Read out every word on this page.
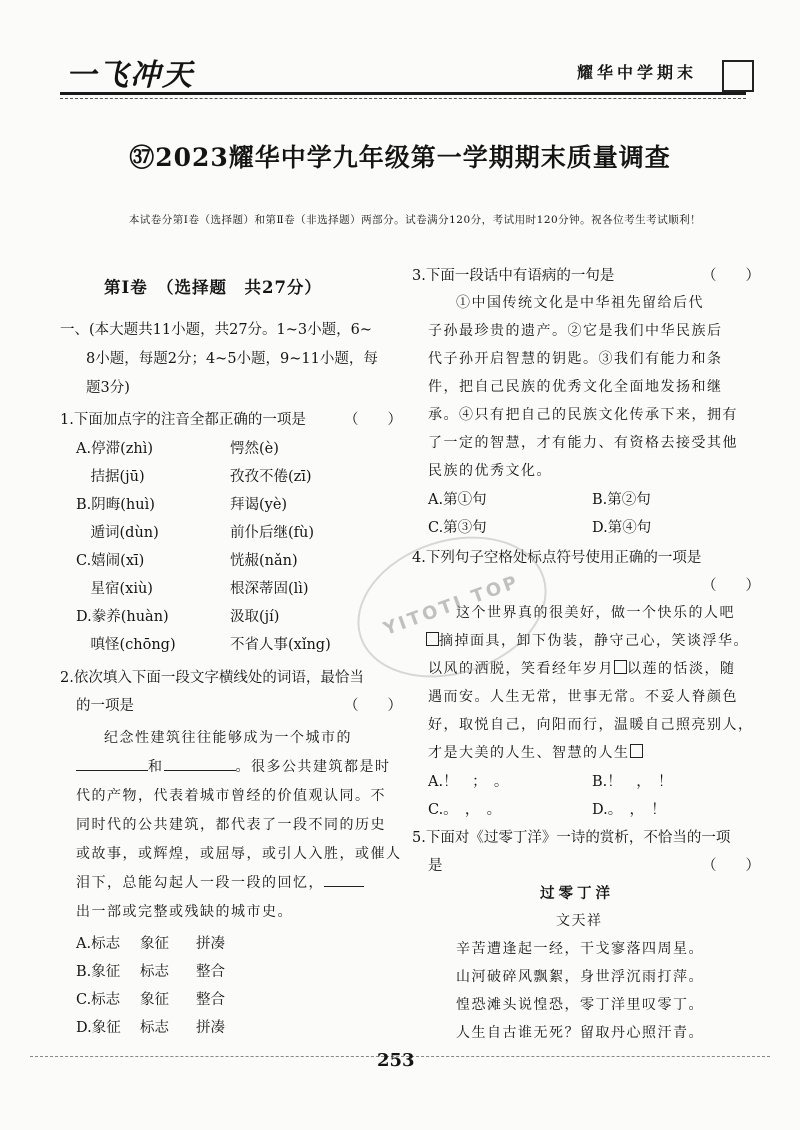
一飞冲天	耀华中学期末
㊲2023耀华中学九年级第一学期期末质量调查
本试卷分第Ⅰ卷（选择题）和第Ⅱ卷（非选择题）两部分。试卷满分120分，考试用时120分钟。祝各位考生考试顺利！
第Ⅰ卷　（选择题　共27分）
一、(本大题共11小题，共27分。1~3小题，6~
8小题，每题2分；4~5小题，9~11小题，每
题3分)
1.下面加点字的注音全都正确的一项是	（　　）
A.停滞(zhì)	愕然(è)
　拮据(jū)	孜孜不倦(zī)
B.阴晦(huì)	拜谒(yè)
　遁词(dùn)	前仆后继(fù)
C.嬉闹(xī)	恍赧(nǎn)
　星宿(xiù)	根深蒂固(lì)
D.豢养(huàn)	汲取(jí)
　嗔怪(chōng)	不省人事(xǐng)
2.依次填入下面一段文字横线处的词语，最恰当
的一项是	（　　）
纪念性建筑往往能够成为一个城市的
和	。很多公共建筑都是时
代的产物，代表着城市曾经的价值观认同。不
同时代的公共建筑，都代表了一段不同的历史
或故事，或辉煌，或屈辱，或引人入胜，或催人
泪下，总能勾起人一段一段的回忆，
出一部或完整或残缺的城市史。
A.标志 象征 拼凑
B.象征 标志 整合
C.标志 象征 整合
D.象征 标志 拼凑
3.下面一段话中有语病的一句是	（　　）
①中国传统文化是中华祖先留给后代
子孙最珍贵的遗产。②它是我们中华民族后
代子孙开启智慧的钥匙。③我们有能力和条
件，把自己民族的优秀文化全面地发扬和继
承。④只有把自己的民族文化传承下来，拥有
了一定的智慧，才有能力、有资格去接受其他
民族的优秀文化。
A.第①句	B.第②句
C.第③句	D.第④句
4.下列句子空格处标点符号使用正确的一项是
（　　）
这个世界真的很美好，做一个快乐的人吧
摘掉面具，卸下伪装，静守己心，笑谈浮华。
以风的洒脱，笑看经年岁月 以莲的恬淡，随
遇而安。人生无常，世事无常。不妥人脊颜色
好，取悦自己，向阳而行，温暖自己照亮别人，
才是大美的人生、智慧的人生
A.！　；　。	B.！　，　！
C.。　，　。	D.。　，　！
5.下面对《过零丁洋》一诗的赏析，不恰当的一项
是	（　　）
过零丁洋
文天祥
辛苦遭逢起一经，干戈寥落四周星。
山河破碎风飘絮，身世浮沉雨打萍。
惶恐滩头说惶恐，零丁洋里叹零丁。
人生自古谁无死？留取丹心照汗青。
YITOTI TOP
253
